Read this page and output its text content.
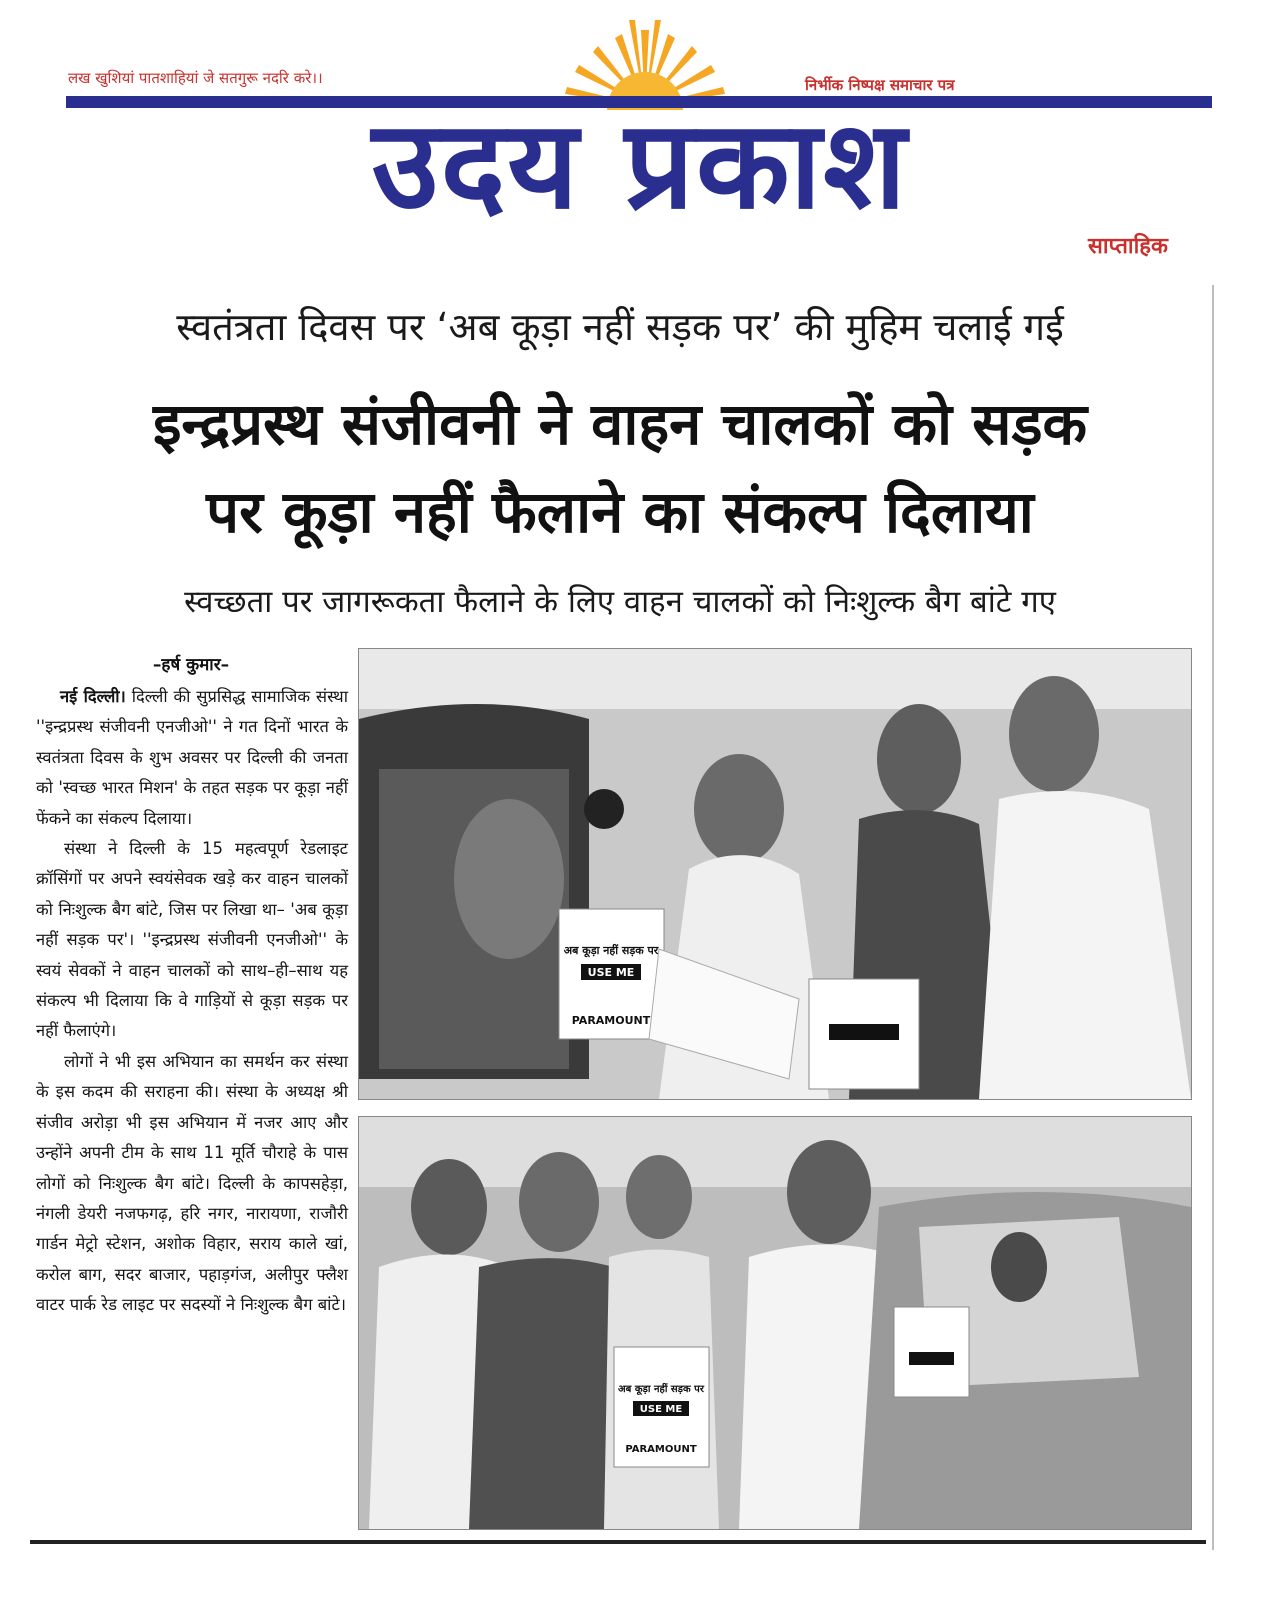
लख खुशियां पातशाहियां जे सतगुरू नदरि करे।।	निर्भीक निष्पक्ष समाचार पत्र
उदय प्रकाश
साप्ताहिक
स्वतंत्रता दिवस पर ‘अब कूड़ा नहीं सड़क पर’ की मुहिम चलाई गई
इन्द्रप्रस्थ संजीवनी ने वाहन चालकों को सड़क
पर कूड़ा नहीं फैलाने का संकल्प दिलाया
स्वच्छता पर जागरूकता फैलाने के लिए वाहन चालकों को निःशुल्क बैग बांटे गए
–हर्ष कुमार–

नई दिल्ली। दिल्ली की सुप्रसिद्ध सामाजिक संस्था ''इन्द्रप्रस्थ संजीवनी एनजीओ'' ने गत दिनों भारत के स्वतंत्रता दिवस के शुभ अवसर पर दिल्ली की जनता को 'स्वच्छ भारत मिशन' के तहत सड़क पर कूड़ा नहीं फेंकने का संकल्प दिलाया।

संस्था ने दिल्ली के 15 महत्वपूर्ण रेडलाइट क्रॉसिंगों पर अपने स्वयंसेवक खड़े कर वाहन चालकों को निःशुल्क बैग बांटे, जिस पर लिखा था– 'अब कूड़ा नहीं सड़क पर'। ''इन्द्रप्रस्थ संजीवनी एनजीओ'' के स्वयं सेवकों ने वाहन चालकों को साथ–ही–साथ यह संकल्प भी दिलाया कि वे गाड़ियों से कूड़ा सड़क पर नहीं फैलाएंगे।

लोगों ने भी इस अभियान का समर्थन कर संस्था के इस कदम की सराहना की। संस्था के अध्यक्ष श्री संजीव अरोड़ा भी इस अभियान में नजर आए और उन्होंने अपनी टीम के साथ 11 मूर्ति चौराहे के पास लोगों को निःशुल्क बैग बांटे। दिल्ली के कापसहेड़ा, नंगली डेयरी नजफगढ़, हरि नगर, नारायणा, राजौरी गार्डन मेट्रो स्टेशन, अशोक विहार, सराय काले खां, करोल बाग, सदर बाजार, पहाड़गंज, अलीपुर फ्लैश वाटर पार्क रेड लाइट पर सदस्यों ने निःशुल्क बैग बांटे।

अब कूड़ा नहीं सड़क पर
USE ME
PARAMOUNT
अब कूड़ा नहीं सड़क पर
USE ME
PARAMOUNT
